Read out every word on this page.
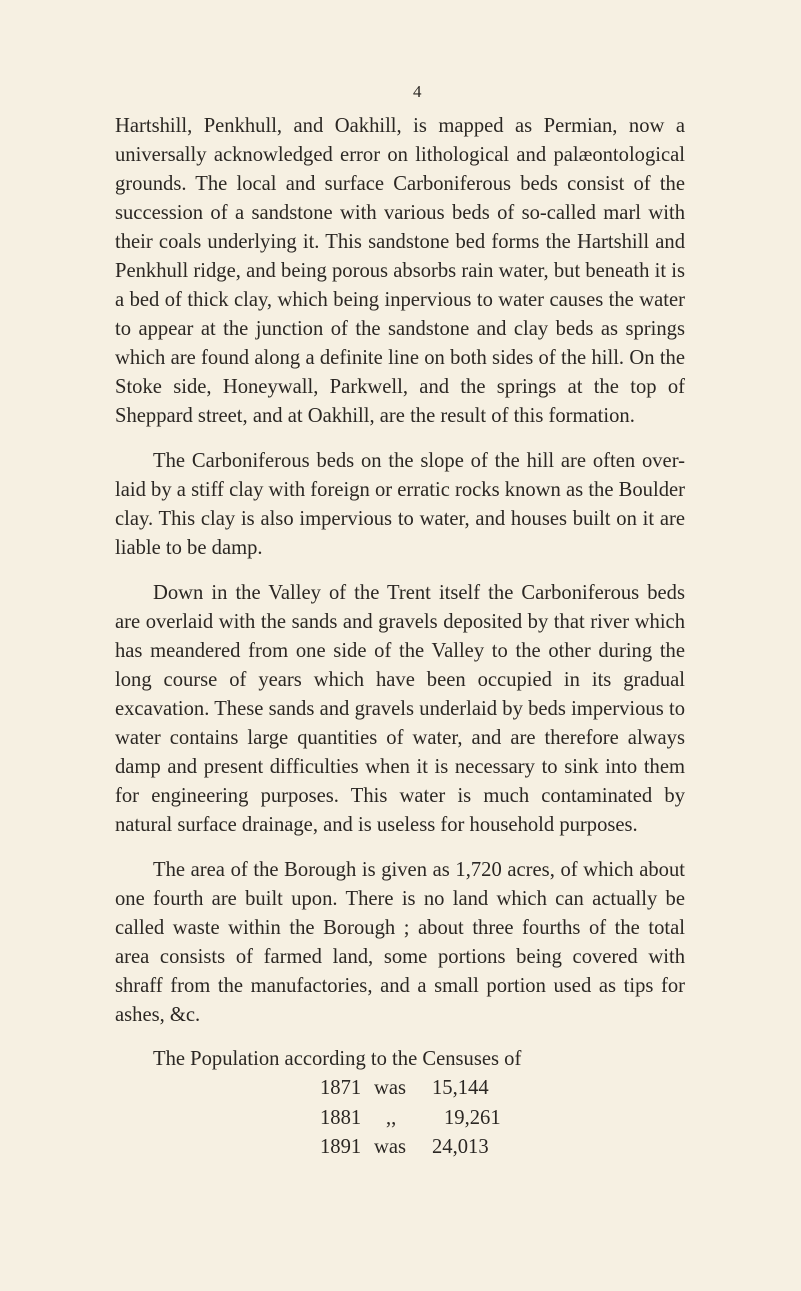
4

Hartshill, Penkhull, and Oakhill, is mapped as Permian, now a universally acknowledged error on lithological and palæontological grounds. The local and surface Carboniferous beds consist of the succession of a sandstone with various beds of so-called marl with their coals underlying it. This sandstone bed forms the Hartshill and Penkhull ridge, and being porous absorbs rain water, but beneath it is a bed of thick clay, which being inpervious to water causes the water to appear at the junction of the sandstone and clay beds as springs which are found along a definite line on both sides of the hill. On the Stoke side, Honeywall, Parkwell, and the springs at the top of Sheppard street, and at Oakhill, are the result of this formation.

The Carboniferous beds on the slope of the hill are often over-laid by a stiff clay with foreign or erratic rocks known as the Boulder clay. This clay is also impervious to water, and houses built on it are liable to be damp.

Down in the Valley of the Trent itself the Carboniferous beds are overlaid with the sands and gravels deposited by that river which has meandered from one side of the Valley to the other during the long course of years which have been occupied in its gradual excavation. These sands and gravels underlaid by beds impervious to water contains large quantities of water, and are therefore always damp and present difficulties when it is necessary to sink into them for engineering purposes. This water is much contaminated by natural surface drainage, and is useless for household purposes.

The area of the Borough is given as 1,720 acres, of which about one fourth are built upon. There is no land which can actually be called waste within the Borough ; about three fourths of the total area consists of farmed land, some portions being covered with shraff from the manufactories, and a small portion used as tips for ashes, &c.

The Population according to the Censuses of

1871 was	15,144
1881	,,	19,261
1891 was	24,013
